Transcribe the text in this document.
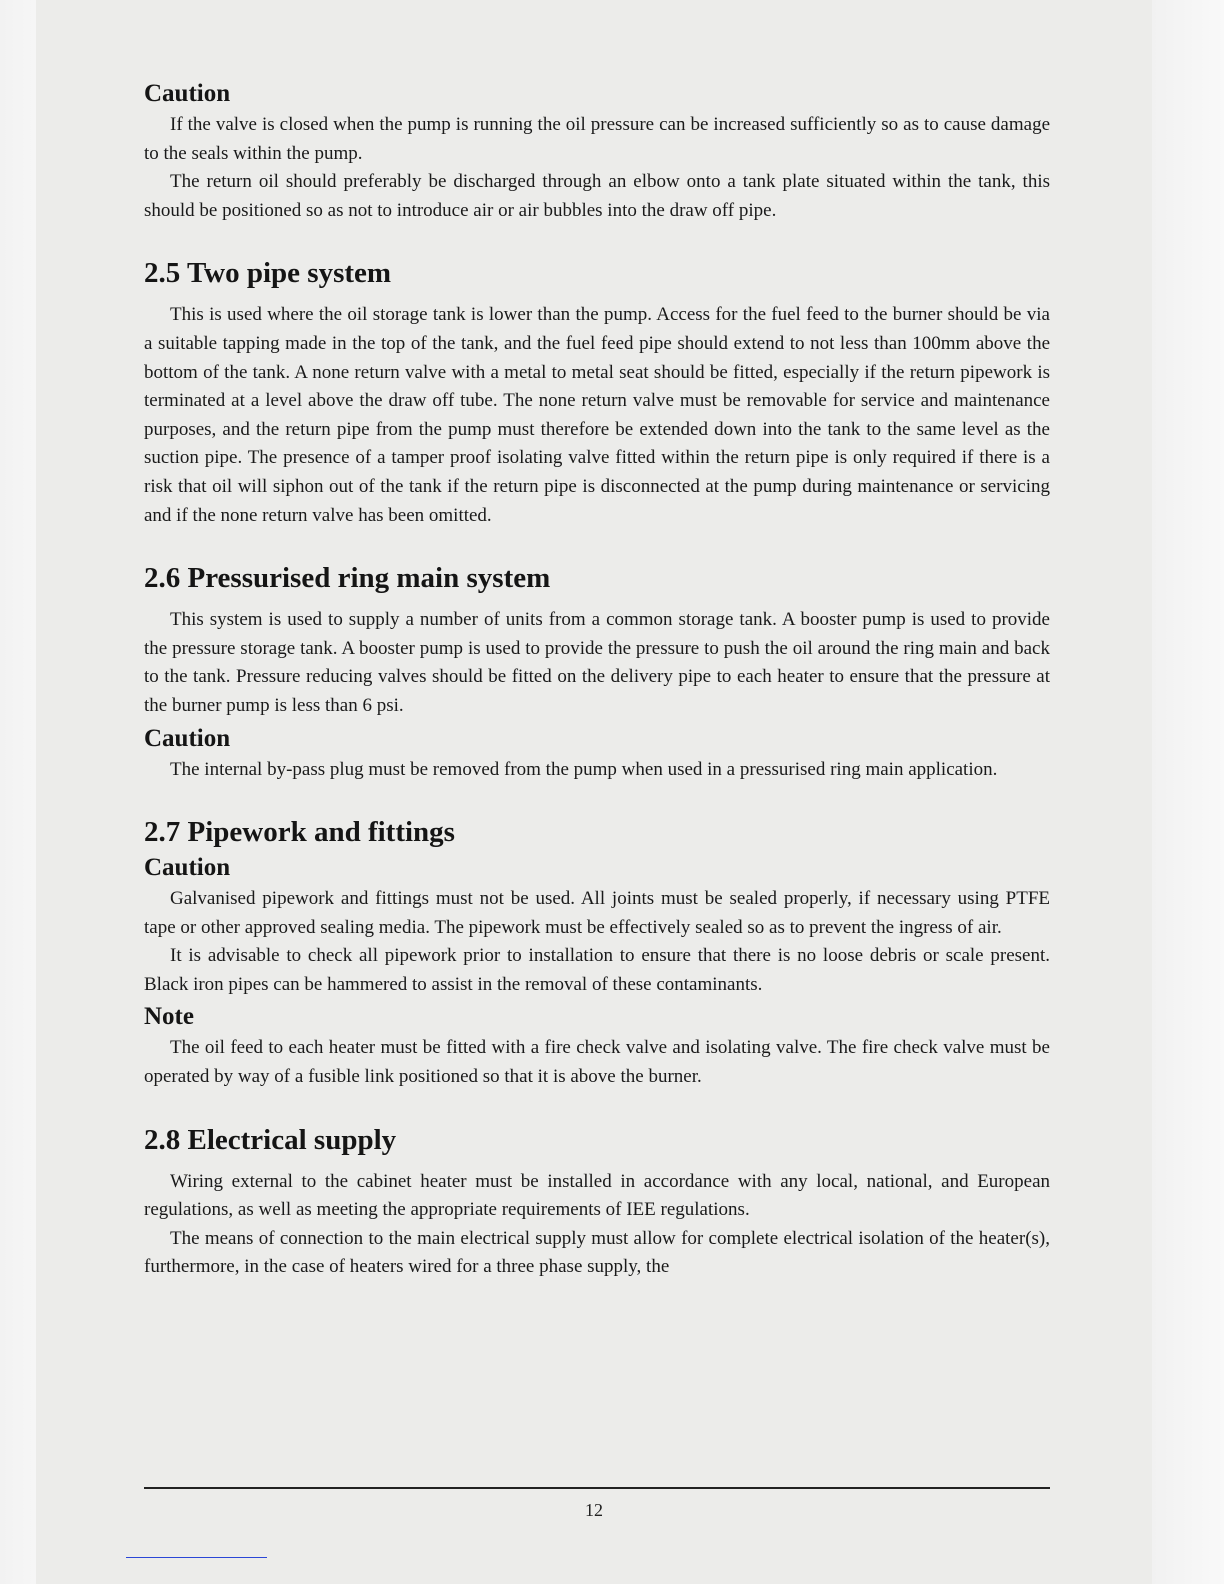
Caution

If the valve is closed when the pump is running the oil pressure can be increased sufficiently so as to cause damage to the seals within the pump.

The return oil should preferably be discharged through an elbow onto a tank plate situated within the tank, this should be positioned so as not to introduce air or air bubbles into the draw off pipe.

2.5 Two pipe system

This is used where the oil storage tank is lower than the pump. Access for the fuel feed to the burner should be via a suitable tapping made in the top of the tank, and the fuel feed pipe should extend to not less than 100mm above the bottom of the tank. A none return valve with a metal to metal seat should be fitted, especially if the return pipework is terminated at a level above the draw off tube. The none return valve must be removable for service and maintenance purposes, and the return pipe from the pump must therefore be extended down into the tank to the same level as the suction pipe. The presence of a tamper proof isolating valve fitted within the return pipe is only required if there is a risk that oil will siphon out of the tank if the return pipe is disconnected at the pump during maintenance or servicing and if the none return valve has been omitted.

2.6 Pressurised ring main system

This system is used to supply a number of units from a common storage tank. A booster pump is used to provide the pressure storage tank. A booster pump is used to provide the pressure to push the oil around the ring main and back to the tank. Pressure reducing valves should be fitted on the delivery pipe to each heater to ensure that the pressure at the burner pump is less than 6 psi.

Caution

The internal by-pass plug must be removed from the pump when used in a pressurised ring main application.

2.7 Pipework and fittings
Caution

Galvanised pipework and fittings must not be used. All joints must be sealed properly, if necessary using PTFE tape or other approved sealing media. The pipework must be effectively sealed so as to prevent the ingress of air.

It is advisable to check all pipework prior to installation to ensure that there is no loose debris or scale present. Black iron pipes can be hammered to assist in the removal of these contaminants.

Note

The oil feed to each heater must be fitted with a fire check valve and isolating valve. The fire check valve must be operated by way of a fusible link positioned so that it is above the burner.

2.8 Electrical supply

Wiring external to the cabinet heater must be installed in accordance with any local, national, and European regulations, as well as meeting the appropriate requirements of IEE regulations.

The means of connection to the main electrical supply must allow for complete electrical isolation of the heater(s), furthermore, in the case of heaters wired for a three phase supply, the

12
